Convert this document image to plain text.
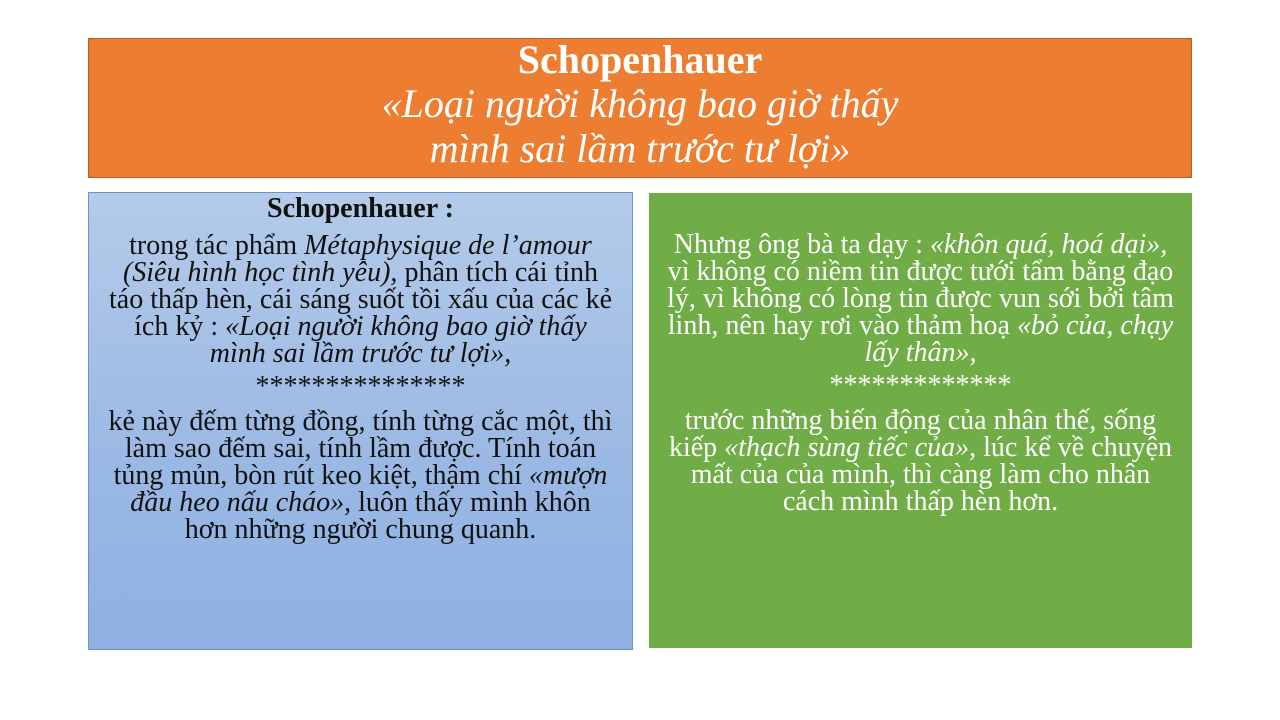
Schopenhauer
«Loại người không bao giờ thấy
mình sai lầm trước tư lợi»
Schopenhauer :
trong tác phẩm Métaphysique de l’amour (Siêu hình học tình yêu), phân tích cái tỉnh táo thấp hèn, cái sáng suốt tồi xấu của các kẻ ích kỷ : «Loại người không bao giờ thấy mình sai lầm trước tư lợi»,
***************
kẻ này đếm từng đồng, tính từng cắc một, thì làm sao đếm sai, tính lầm được. Tính toán tủng mủn, bòn rút keo kiệt, thậm chí «mượn đầu heo nấu cháo», luôn thấy mình khôn hơn những người chung quanh.
Nhưng ông bà ta dạy : «khôn quá, hoá dại», vì không có niềm tin được tưới tẩm bằng đạo lý, vì không có lòng tin được vun sới bởi tâm linh, nên hay rơi vào thảm hoạ «bỏ của, chạy lấy thân»,
*************
trước những biến động của nhân thế, sống kiếp «thạch sùng tiếc của», lúc kể về chuyện mất của của mình, thì càng làm cho nhân cách mình thấp hèn hơn.
